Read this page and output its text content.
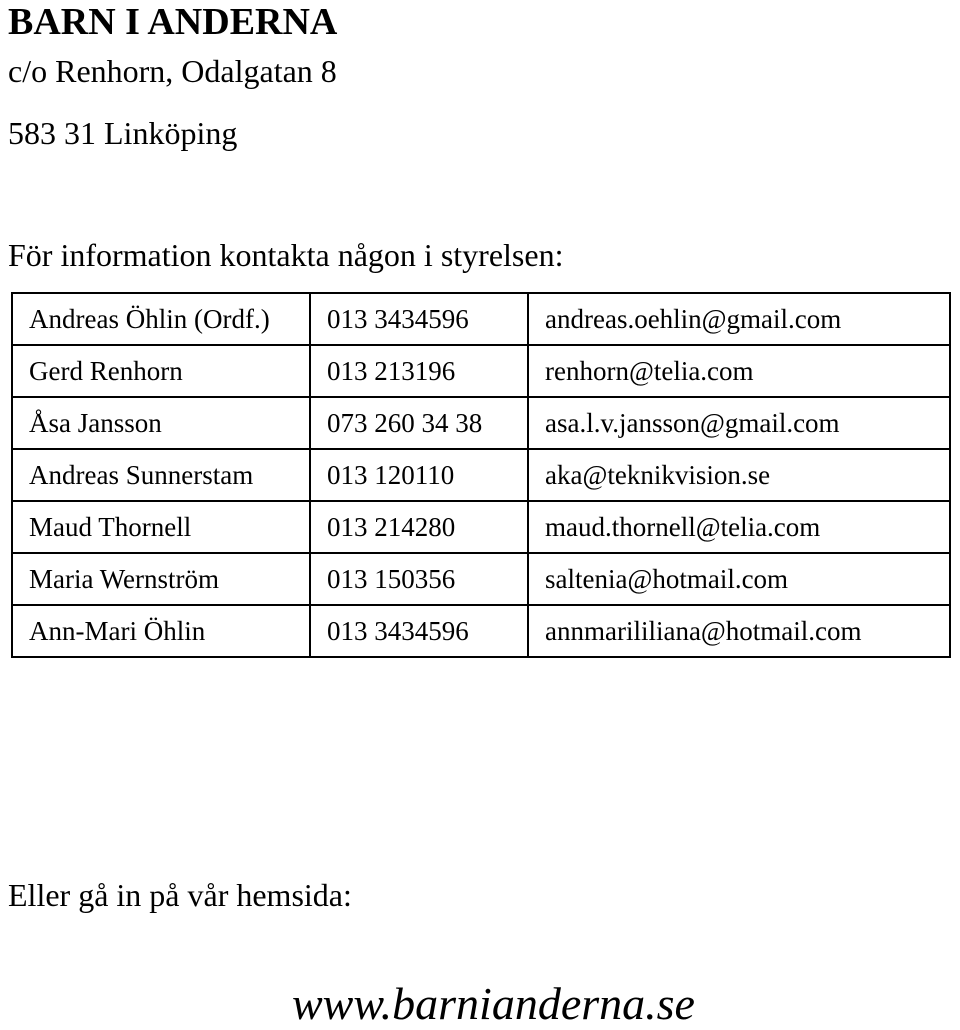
BARN I ANDERNA
c/o Renhorn, Odalgatan 8
583 31 Linköping
För information kontakta någon i styrelsen:
Andreas Öhlin (Ordf.)	013 3434596	andreas.oehlin@gmail.com
Gerd Renhorn	013 213196	renhorn@telia.com
Åsa Jansson	073 260 34 38	asa.l.v.jansson@gmail.com
Andreas Sunnerstam	013 120110	aka@teknikvision.se
Maud Thornell	013 214280	maud.thornell@telia.com
Maria Wernström	013 150356	saltenia@hotmail.com
Ann-Mari Öhlin	013 3434596	annmarililiana@hotmail.com
Eller gå in på vår hemsida:
www.barnianderna.se
